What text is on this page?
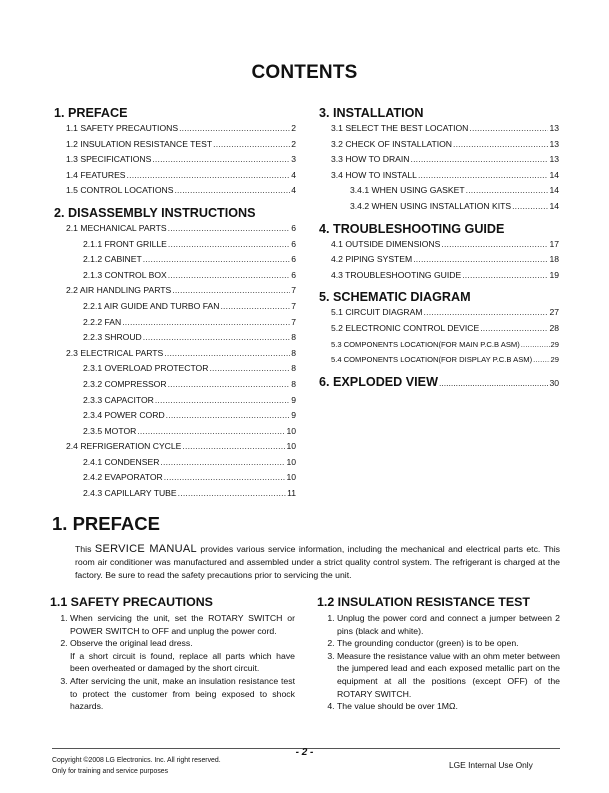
CONTENTS
1. PREFACE
1.1 SAFETY PRECAUTIONS .....	2
1.2 INSULATION RESISTANCE TEST .....	2
1.3 SPECIFICATIONS .....	3
1.4 FEATURES .....	4
1.5 CONTROL LOCATIONS .....	4
2. DISASSEMBLY INSTRUCTIONS
2.1 MECHANICAL PARTS .....	6
2.1.1 FRONT GRILLE .....	6
2.1.2 CABINET .....	6
2.1.3 CONTROL BOX .....	6
2.2 AIR HANDLING PARTS .....	7
2.2.1 AIR GUIDE AND TURBO FAN .....	7
2.2.2 FAN .....	7
2.2.3 SHROUD .....	8
2.3 ELECTRICAL PARTS .....	8
2.3.1 OVERLOAD PROTECTOR .....	8
2.3.2 COMPRESSOR .....	8
2.3.3 CAPACITOR .....	9
2.3.4 POWER CORD .....	9
2.3.5 MOTOR .....	10
2.4 REFRIGERATION CYCLE .....	10
2.4.1 CONDENSER .....	10
2.4.2 EVAPORATOR .....	10
2.4.3 CAPILLARY TUBE .....	11
3. INSTALLATION
3.1 SELECT THE BEST LOCATION .....	13
3.2 CHECK OF INSTALLATION .....	13
3.3 HOW TO DRAIN .....	13
3.4 HOW TO INSTALL .....	14
3.4.1 WHEN USING GASKET .....	14
3.4.2 WHEN USING INSTALLATION KITS .....	14
4. TROUBLESHOOTING GUIDE
4.1 OUTSIDE DIMENSIONS .....	17
4.2 PIPING SYSTEM .....	18
4.3 TROUBLESHOOTING GUIDE .....	19
5. SCHEMATIC DIAGRAM
5.1 CIRCUIT DIAGRAM .....	27
5.2 ELECTRONIC CONTROL DEVICE .....	28
5.3 COMPONENTS LOCATION(FOR MAIN P.C.B ASM) .....	29
5.4 COMPONENTS LOCATION(FOR DISPLAY P.C.B ASM) ..... 29
6. EXPLODED VIEW .....	30
1. PREFACE

This SERVICE MANUAL provides various service information, including the mechanical and electrical parts etc. This room air conditioner was manufactured and assembled under a strict quality control system. The refrigerant is charged at the factory. Be sure to read the safety precautions prior to servicing the unit.

1.1 SAFETY PRECAUTIONS
1. When servicing the unit, set the ROTARY SWITCH or POWER SWITCH to OFF and unplug the power cord.
2. Observe the original lead dress.
If a short circuit is found, replace all parts which have been overheated or damaged by the short circuit.
3. After servicing the unit, make an insulation resistance test to protect the customer from being exposed to shock hazards.
1.2 INSULATION RESISTANCE TEST
1. Unplug the power cord and connect a jumper between 2 pins (black and white).
2. The grounding conductor (green) is to be open.
3. Measure the resistance value with an ohm meter between the jumpered lead and each exposed metallic part on the equipment at all the positions (except OFF) of the ROTARY SWITCH.
4. The value should be over 1MΩ.
Copyright ©2008 LG Electronics. Inc. All right reserved.
Only for training and service purposes
- 2 -
LGE Internal Use Only
